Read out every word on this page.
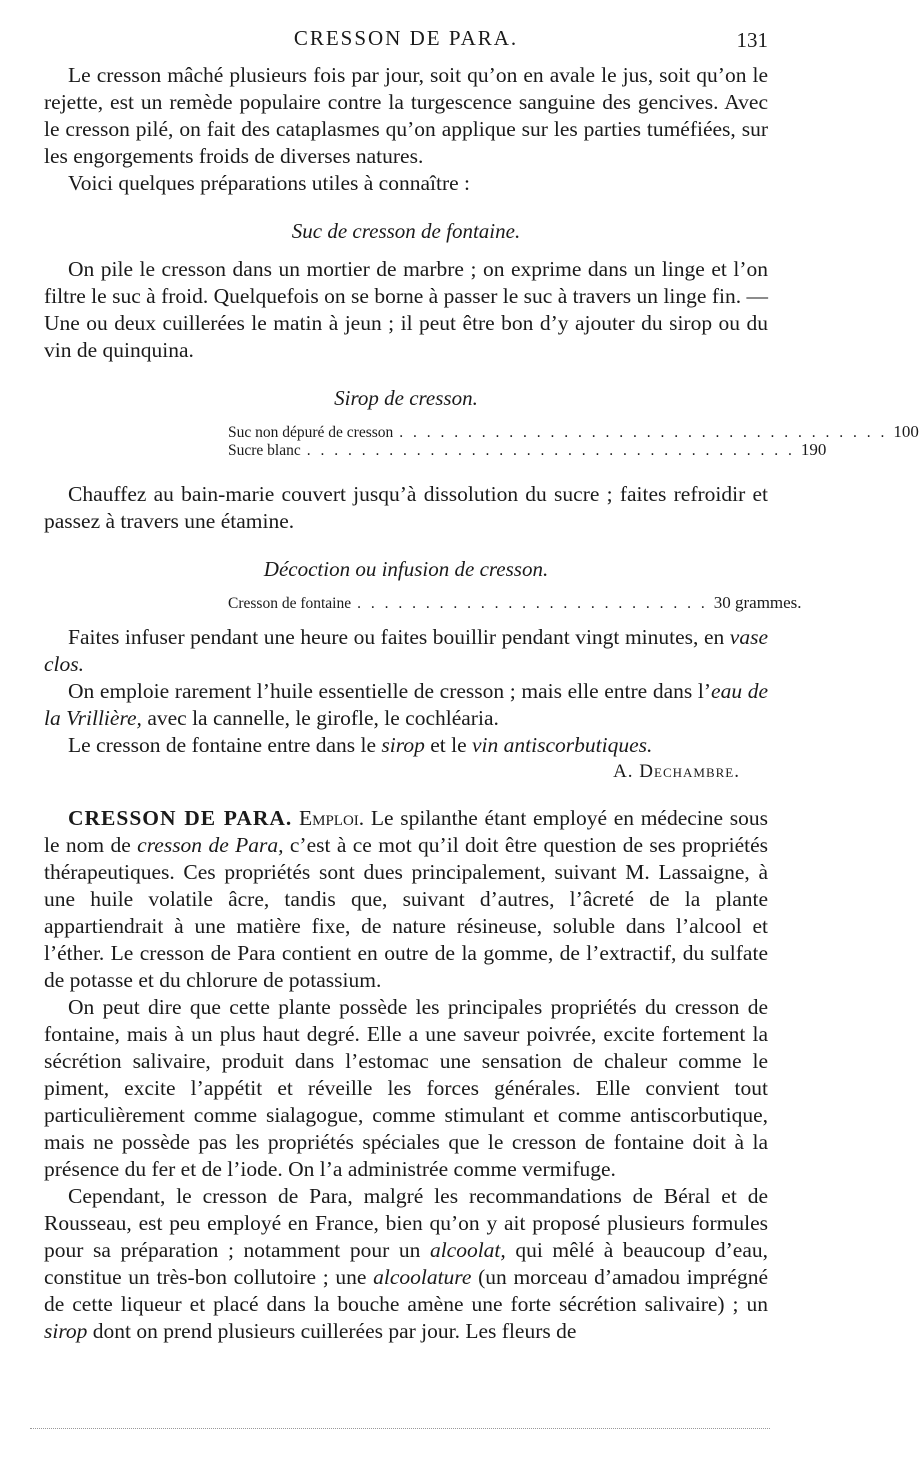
CRESSON DE PARA.	131

Le cresson mâché plusieurs fois par jour, soit qu’on en avale le jus, soit qu’on le rejette, est un remède populaire contre la turgescence sanguine des gencives. Avec le cresson pilé, on fait des cataplasmes qu’on applique sur les parties tuméfiées, sur les engorgements froids de diverses natures.

Voici quelques préparations utiles à connaître :

Suc de cresson de fontaine.

On pile le cresson dans un mortier de marbre ; on exprime dans un linge et l’on filtre le suc à froid. Quelquefois on se borne à passer le suc à travers un linge fin. — Une ou deux cuillerées le matin à jeun ; il peut être bon d’y ajouter du sirop ou du vin de quinquina.

Sirop de cresson.
Suc non dépuré de cresson . . .	100
Sucre blanc . . .	190

Chauffez au bain-marie couvert jusqu’à dissolution du sucre ; faites refroidir et passez à travers une étamine.

Décoction ou infusion de cresson.
Cresson de fontaine . . . . . . . . . . . . . . . . . . . . . . . . . . 30 grammes.

Faites infuser pendant une heure ou faites bouillir pendant vingt minutes, en vase clos.

On emploie rarement l’huile essentielle de cresson ; mais elle entre dans l’eau de la Vrillière, avec la cannelle, le girofle, le cochléaria.

Le cresson de fontaine entre dans le sirop et le vin antiscorbutiques.

A. Dechambre.

CRESSON DE PARA. Emploi. Le spilanthe étant employé en médecine sous le nom de cresson de Para, c’est à ce mot qu’il doit être question de ses propriétés thérapeutiques. Ces propriétés sont dues principalement, suivant M. Lassaigne, à une huile volatile âcre, tandis que, suivant d’autres, l’âcreté de la plante appartiendrait à une matière fixe, de nature résineuse, soluble dans l’alcool et l’éther. Le cresson de Para contient en outre de la gomme, de l’extractif, du sulfate de potasse et du chlorure de potassium.

On peut dire que cette plante possède les principales propriétés du cresson de fontaine, mais à un plus haut degré. Elle a une saveur poivrée, excite fortement la sécrétion salivaire, produit dans l’estomac une sensation de chaleur comme le piment, excite l’appétit et réveille les forces générales. Elle convient tout particulièrement comme sialagogue, comme stimulant et comme antiscorbutique, mais ne possède pas les propriétés spéciales que le cresson de fontaine doit à la présence du fer et de l’iode. On l’a administrée comme vermifuge.

Cependant, le cresson de Para, malgré les recommandations de Béral et de Rousseau, est peu employé en France, bien qu’on y ait proposé plusieurs formules pour sa préparation ; notamment pour un alcoolat, qui mêlé à beaucoup d’eau, constitue un très-bon collutoire ; une alcoolature (un morceau d’amadou imprégné de cette liqueur et placé dans la bouche amène une forte sécrétion salivaire) ; un sirop dont on prend plusieurs cuillerées par jour. Les fleurs de
